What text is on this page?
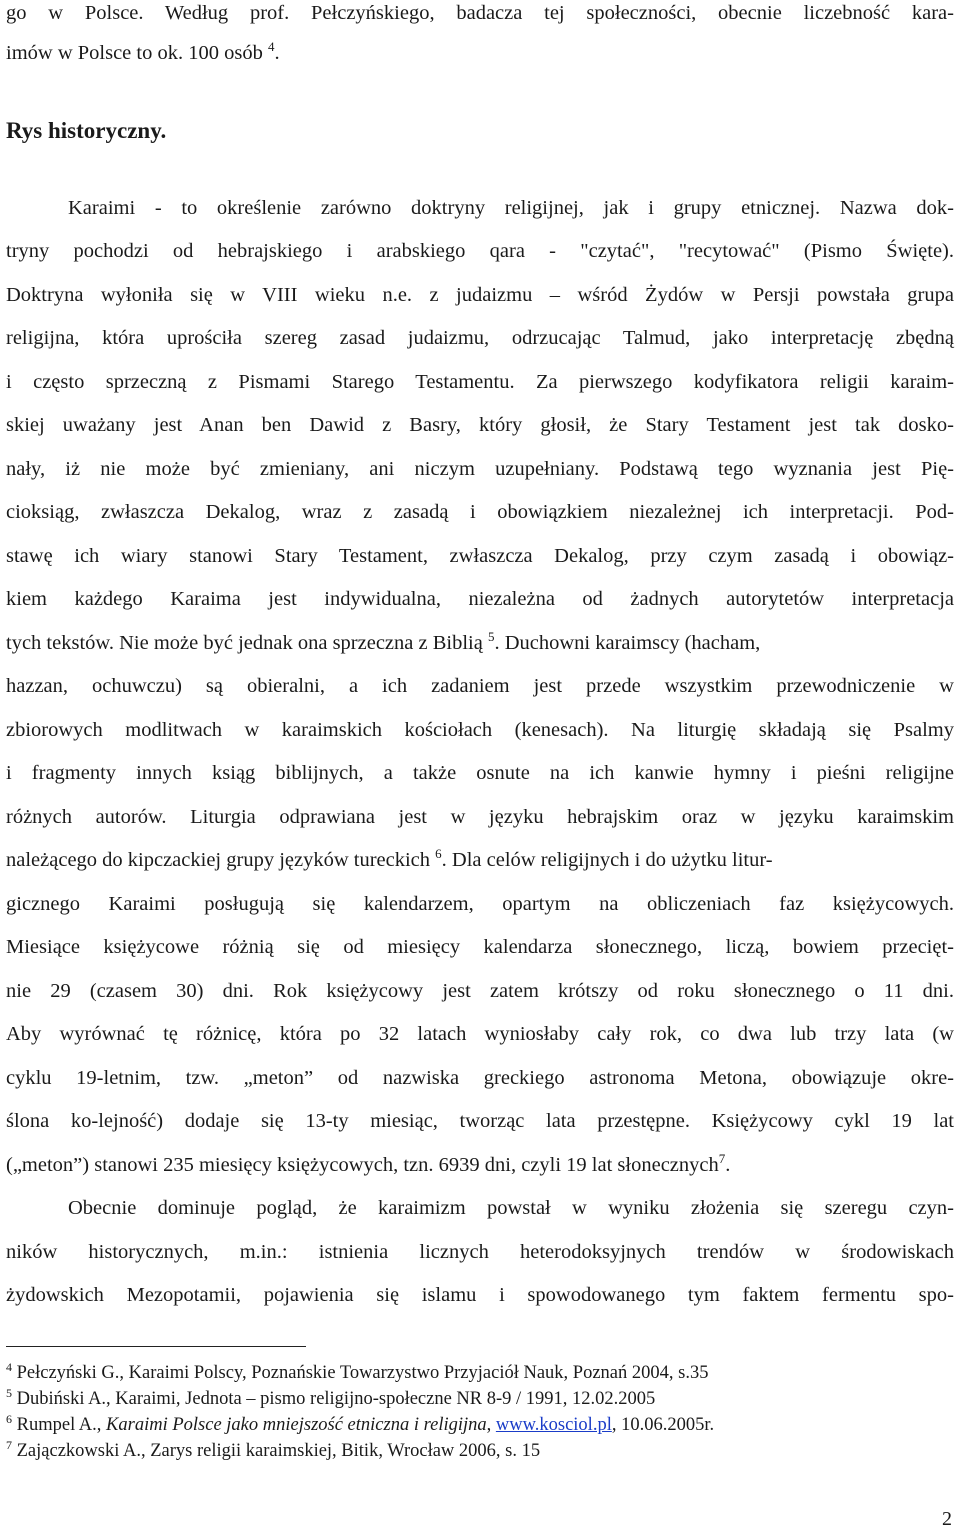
go w Polsce. Według prof. Pełczyńskiego, badacza tej społeczności, obecnie liczebność kara-
imów w Polsce to ok. 100 osób $^4$.
Rys historyczny.
Karaimi - to określenie zarówno doktryny religijnej, jak i grupy etnicznej. Nazwa dok-
tryny pochodzi od hebrajskiego i arabskiego qara - "czytać", "recytować" (Pismo Święte).
Doktryna wyłoniła się w VIII wieku n.e. z judaizmu – wśród Żydów w Persji powstała grupa
religijna, która uprościła szereg zasad judaizmu, odrzucając Talmud, jako interpretację zbędną
i często sprzeczną z Pismami Starego Testamentu. Za pierwszego kodyfikatora religii karaim-
skiej uważany jest Anan ben Dawid z Basry, który głosił, że Stary Testament jest tak dosko-
nały, iż nie może być zmieniany, ani niczym uzupełniany. Podstawą tego wyznania jest Pię-
cioksiąg, zwłaszcza Dekalog, wraz z zasadą i obowiązkiem niezależnej ich interpretacji. Pod-
stawę ich wiary stanowi Stary Testament, zwłaszcza Dekalog, przy czym zasadą i obowiąz-
kiem każdego Karaima jest indywidualna, niezależna od żadnych autorytetów interpretacja
tych tekstów. Nie może być jednak ona sprzeczna z Biblią $^5$. Duchowni karaimscy (hacham,
hazzan, ochuwczu) są obieralni, a ich zadaniem jest przede wszystkim przewodniczenie w
zbiorowych modlitwach w karaimskich kościołach (kenesach). Na liturgię składają się Psalmy
i fragmenty innych ksiąg biblijnych, a także osnute na ich kanwie hymny i pieśni religijne
różnych autorów. Liturgia odprawiana jest w języku hebrajskim oraz w języku karaimskim
należącego do kipczackiej grupy języków tureckich $^6$. Dla celów religijnych i do użytku litur-
gicznego Karaimi posługują się kalendarzem, opartym na obliczeniach faz księżycowych.
Miesiące księżycowe różnią się od miesięcy kalendarza słonecznego, liczą, bowiem przecięt-
nie 29 (czasem 30) dni. Rok księżycowy jest zatem krótszy od roku słonecznego o 11 dni.
Aby wyrównać tę różnicę, która po 32 latach wyniosłaby cały rok, co dwa lub trzy lata (w
cyklu 19-letnim, tzw. „meton” od nazwiska greckiego astronoma Metona, obowiązuje okre-
ślona ko-lejność) dodaje się 13-ty miesiąc, tworząc lata przestępne. Księżycowy cykl 19 lat
(„meton”) stanowi 235 miesięcy księżycowych, tzn. 6939 dni, czyli 19 lat słonecznych$^7$.
Obecnie dominuje pogląd, że karaimizm powstał w wyniku złożenia się szeregu czyn-
ników historycznych, m.in.: istnienia licznych heterodoksyjnych trendów w środowiskach
żydowskich Mezopotamii, pojawienia się islamu i spowodowanego tym faktem fermentu spo-
$^4$ Pełczyński G., Karaimi Polscy, Poznańskie Towarzystwo Przyjaciół Nauk, Poznań 2004, s.35
$^5$ Dubiński A., Karaimi, Jednota – pismo religijno-społeczne NR 8-9 / 1991, 12.02.2005
$^6$ Rumpel A., Karaimi Polsce jako mniejszość etniczna i religijna, www.kosciol.pl, 10.06.2005r.
$^7$ Zajączkowski A., Zarys religii karaimskiej, Bitik, Wrocław 2006, s. 15
2
